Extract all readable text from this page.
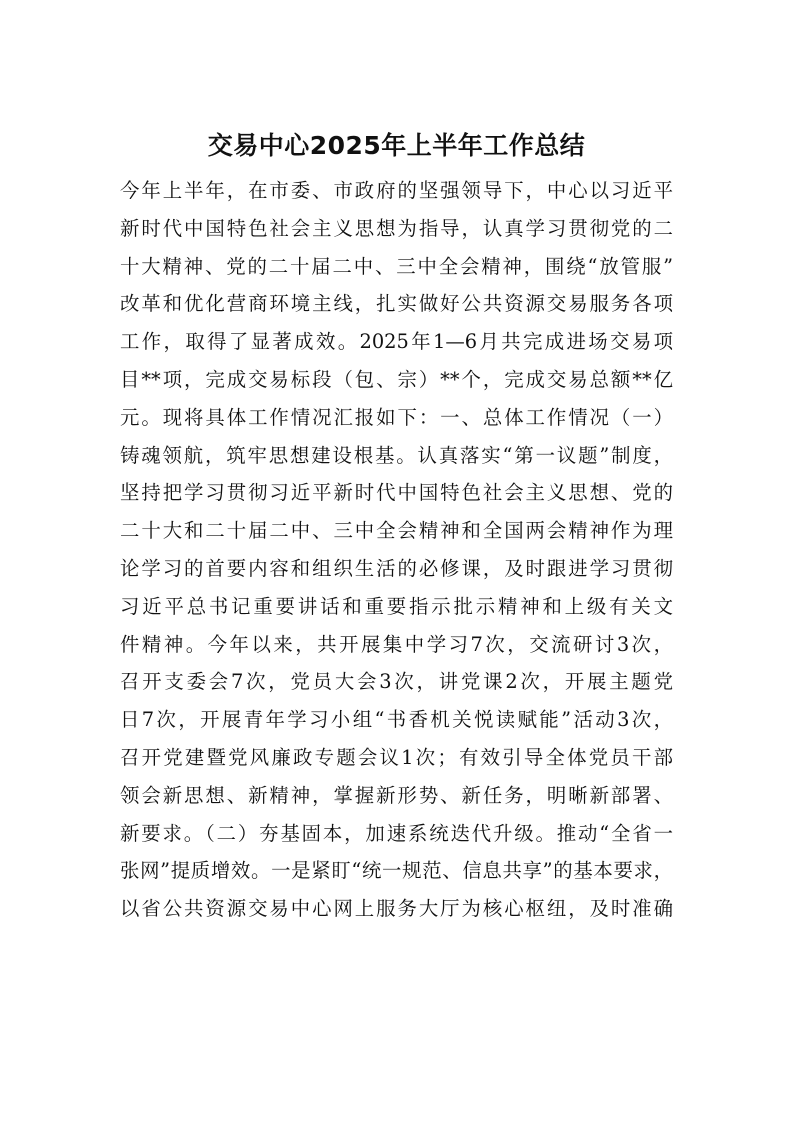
交易中心2025年上半年工作总结
今年上半年，在市委、市政府的坚强领导下，中心以习近平
新时代中国特色社会主义思想为指导，认真学习贯彻党的二
十大精神、党的二十届二中、三中全会精神，围绕“放管服”
改革和优化营商环境主线，扎实做好公共资源交易服务各项
工作，取得了显著成效。2025年1—6月共完成进场交易项
目**项，完成交易标段（包、宗）**个，完成交易总额**亿
元。现将具体工作情况汇报如下：一、总体工作情况（一）
铸魂领航，筑牢思想建设根基。认真落实“第一议题”制度，
坚持把学习贯彻习近平新时代中国特色社会主义思想、党的
二十大和二十届二中、三中全会精神和全国两会精神作为理
论学习的首要内容和组织生活的必修课，及时跟进学习贯彻
习近平总书记重要讲话和重要指示批示精神和上级有关文
件精神。今年以来，共开展集中学习7次，交流研讨3次，
召开支委会7次，党员大会3次，讲党课2次，开展主题党
日7次，开展青年学习小组“书香机关悦读赋能”活动3次，
召开党建暨党风廉政专题会议1次；有效引导全体党员干部
领会新思想、新精神，掌握新形势、新任务，明晰新部署、
新要求。（二）夯基固本，加速系统迭代升级。推动“全省一
张网”提质增效。一是紧盯“统一规范、信息共享”的基本要求，
以省公共资源交易中心网上服务大厅为核心枢纽，及时准确
